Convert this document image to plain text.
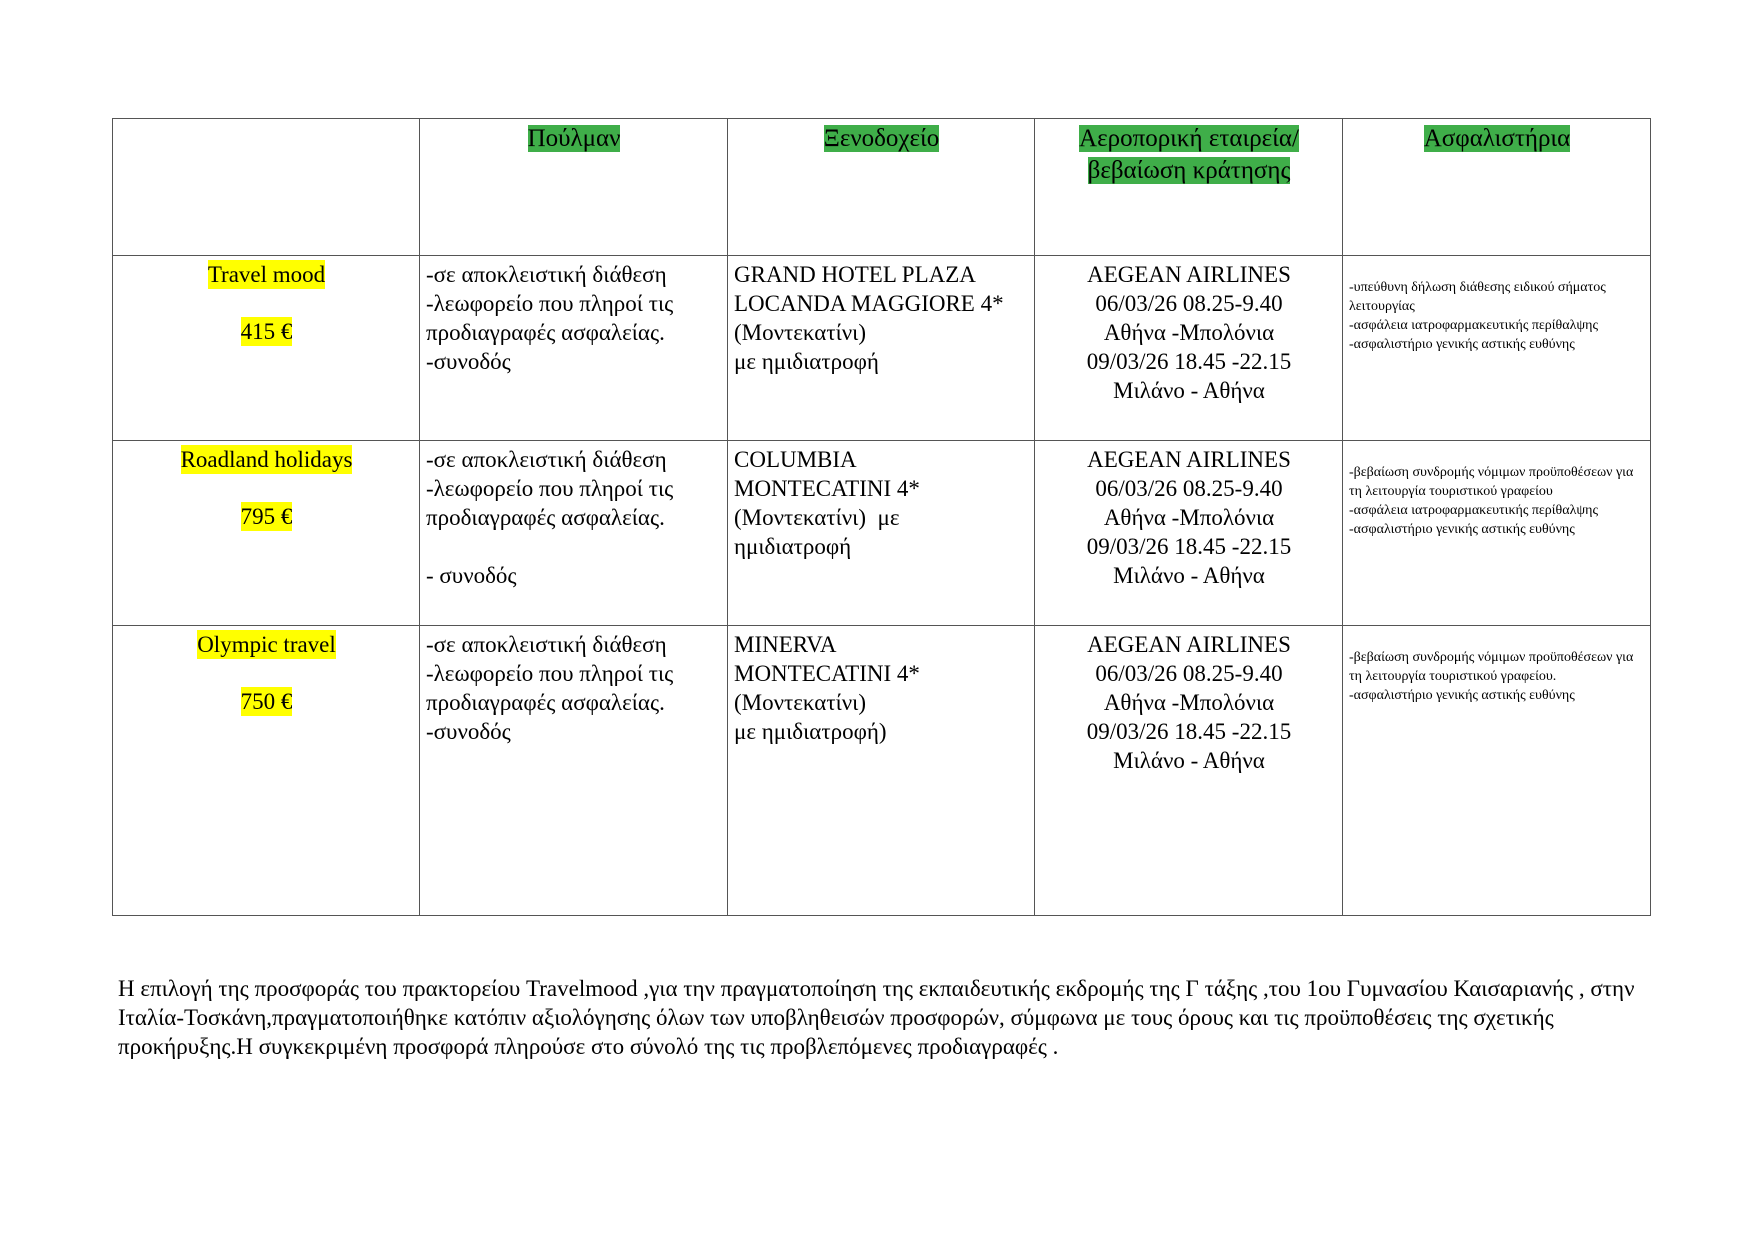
	Πούλμαν	Ξενοδοχείο	Αεροπορική εταιρεία/βεβαίωση κράτησης	Ασφαλιστήρια
Travel mood
415 €	-σε αποκλειστική διάθεση
-λεωφορείο που πληροί τις
προδιαγραφές ασφαλείας.
-συνοδός	GRAND HOTEL PLAZA
LOCANDA MAGGIORE 4*
(Μοντεκατίνι)
με ημιδιατροφή	AEGEAN AIRLINES
06/03/26 08.25-9.40
Αθήνα -Μπολόνια
09/03/26 18.45 -22.15
Μιλάνο - Αθήνα	-υπεύθυνη δήλωση διάθεσης ειδικού σήματος λειτουργίας
-ασφάλεια ιατροφαρμακευτικής περίθαλψης
-ασφαλιστήριο γενικής αστικής ευθύνης

Roadland holidays
795 €	-σε αποκλειστική διάθεση
-λεωφορείο που πληροί τις
προδιαγραφές ασφαλείας.

- συνοδός	COLUMBIA
MONTECATINI 4*
(Μοντεκατίνι)  με
ημιδιατροφή	AEGEAN AIRLINES
06/03/26 08.25-9.40
Αθήνα -Μπολόνια
09/03/26 18.45 -22.15
Μιλάνο - Αθήνα	-βεβαίωση συνδρομής νόμιμων προϋποθέσεων για τη λειτουργία τουριστικού γραφείου
-ασφάλεια ιατροφαρμακευτικής περίθαλψης
-ασφαλιστήριο γενικής αστικής ευθύνης

Olympic travel
750 €	-σε αποκλειστική διάθεση
-λεωφορείο που πληροί τις
προδιαγραφές ασφαλείας.
-συνοδός	MINERVA
MONTECATINI 4*
(Μοντεκατίνι)
με ημιδιατροφή)	AEGEAN AIRLINES
06/03/26 08.25-9.40
Αθήνα -Μπολόνια
09/03/26 18.45 -22.15
Μιλάνο - Αθήνα	-βεβαίωση συνδρομής νόμιμων προϋποθέσεων για τη λειτουργία τουριστικού γραφείου.
-ασφαλιστήριο γενικής αστικής ευθύνης

Η επιλογή της προσφοράς του πρακτορείου Travelmood ,για την πραγματοποίηση της εκπαιδευτικής εκδρομής της Γ τάξης ,του 1ου Γυμνασίου Καισαριανής , στην Ιταλία-Τοσκάνη,πραγματοποιήθηκε κατόπιν αξιολόγησης όλων των υποβληθεισών προσφορών, σύμφωνα με τους όρους και τις προϋποθέσεις της σχετικής προκήρυξης.Η συγκεκριμένη προσφορά πληρούσε στο σύνολό της τις προβλεπόμενες προδιαγραφές .
